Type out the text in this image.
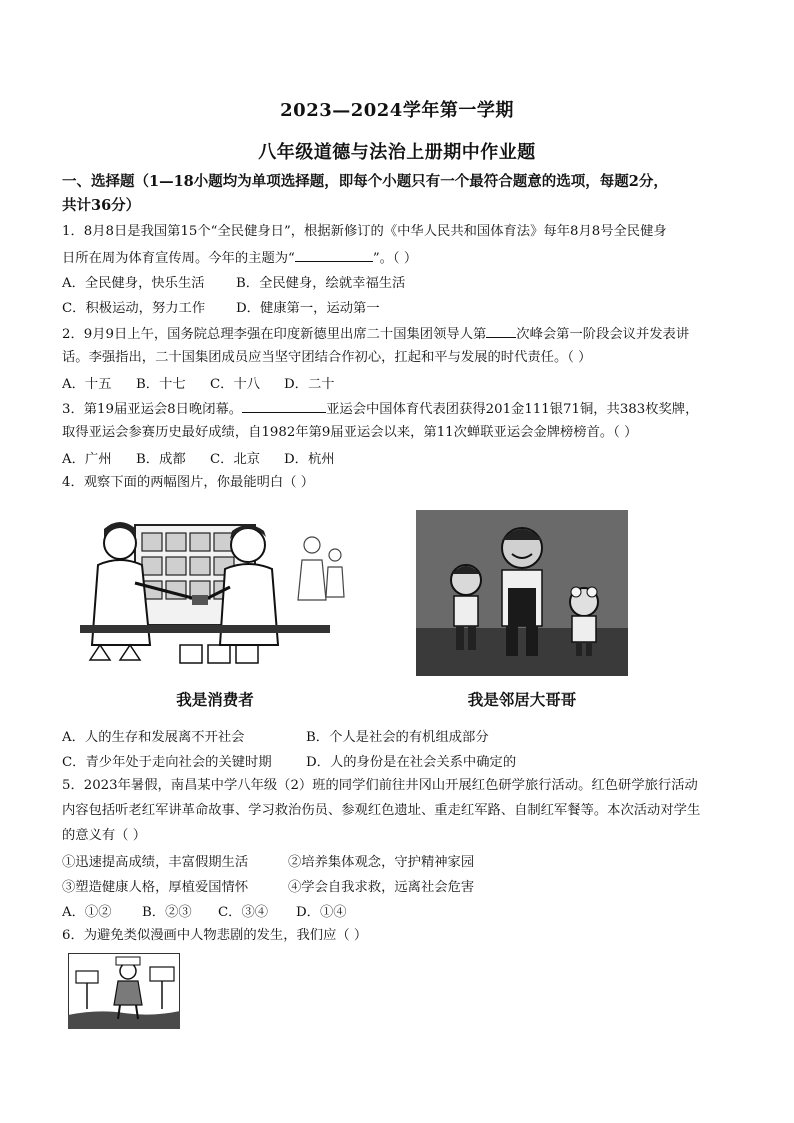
2023—2024学年第一学期
八年级道德与法治上册期中作业题
一、选择题（1—18小题均为单项选择题，即每个小题只有一个最符合题意的选项，每题2分，
共计36分）
1．8月8日是我国第15个“全民健身日”，根据新修订的《中华人民共和国体育法》每年8月8号全民健身
日所在周为体育宣传周。今年的主题为“	”。（ ）
A．全民健身，快乐生活 B．全民健身，绘就幸福生活
C．积极运动，努力工作 D．健康第一，运动第一
2．9月9日上午，国务院总理李强在印度新德里出席二十国集团领导人第 次峰会第一阶段会议并发表讲
话。李强指出，二十国集团成员应当坚守团结合作初心，扛起和平与发展的时代责任。（ ）
A．十五 B．十七 C．十八 D．二十
3．第19届亚运会8日晚闭幕。	亚运会中国体育代表团获得201金111银71铜，共383枚奖牌，
取得亚运会参赛历史最好成绩，自1982年第9届亚运会以来，第11次蝉联亚运会金牌榜榜首。（ ）
A．广州 B．成都 C．北京 D．杭州
4．观察下面的两幅图片，你最能明白（ ）
我是消费者	我是邻居大哥哥
A．人的生存和发展离不开社会	B．个人是社会的有机组成部分
C．青少年处于走向社会的关键时期	D．人的身份是在社会关系中确定的
5．2023年暑假，南昌某中学八年级（2）班的同学们前往井冈山开展红色研学旅行活动。红色研学旅行活动
内容包括听老红军讲革命故事、学习救治伤员、参观红色遗址、重走红军路、自制红军餐等。本次活动对学生
的意义有（ ）
①迅速提高成绩，丰富假期生活	②培养集体观念，守护精神家园
③塑造健康人格，厚植爱国情怀	④学会自我求救，远离社会危害
A．①② B．②③ C．③④ D．①④
6．为避免类似漫画中人物悲剧的发生，我们应（ ）
